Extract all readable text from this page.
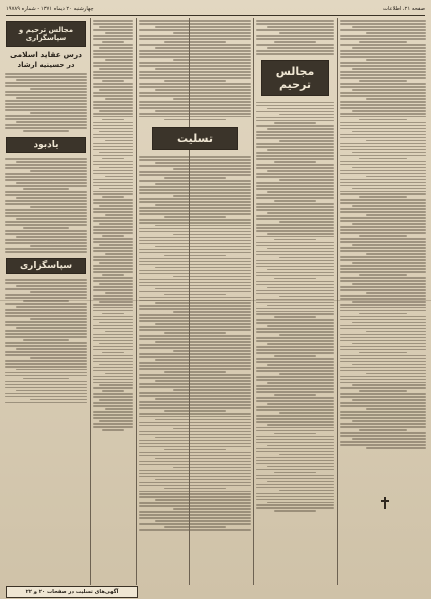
صفحه ۲۱، اطلاعات
چهارشنبه ۲۰ دیماه ۱۳۷۱ - شماره ۱۹۷۸۹
مجالس ترحیم و سپاسگزاری
درس عقاید اسلامی
در حسینیه ارشاد
یادبود
سپاسگزاری
تسلیت
مجالس ترحیم
آگهی‌های تسلیت در صفحات ۲۰ و ۲۲
